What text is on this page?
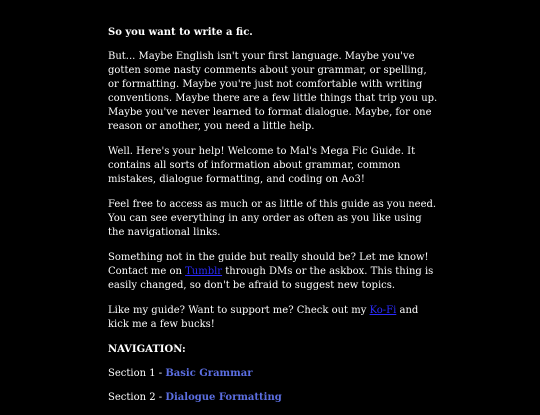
So you want to write a fic.

But... Maybe English isn't your first language. Maybe you've gotten some nasty comments about your grammar, or spelling, or formatting. Maybe you're just not comfortable with writing conventions. Maybe there are a few little things that trip you up. Maybe you've never learned to format dialogue. Maybe, for one reason or another, you need a little help.

Well. Here's your help! Welcome to Mal's Mega Fic Guide. It contains all sorts of information about grammar, common mistakes, dialogue formatting, and coding on Ao3!

Feel free to access as much or as little of this guide as you need. You can see everything in any order as often as you like using the navigational links.

Something not in the guide but really should be? Let me know! Contact me on Tumblr through DMs or the askbox. This thing is easily changed, so don't be afraid to suggest new topics.

Like my guide? Want to support me? Check out my Ko-Fi and kick me a few bucks!

NAVIGATION:
Section 1 - Basic Grammar
Section 2 - Dialogue Formatting
